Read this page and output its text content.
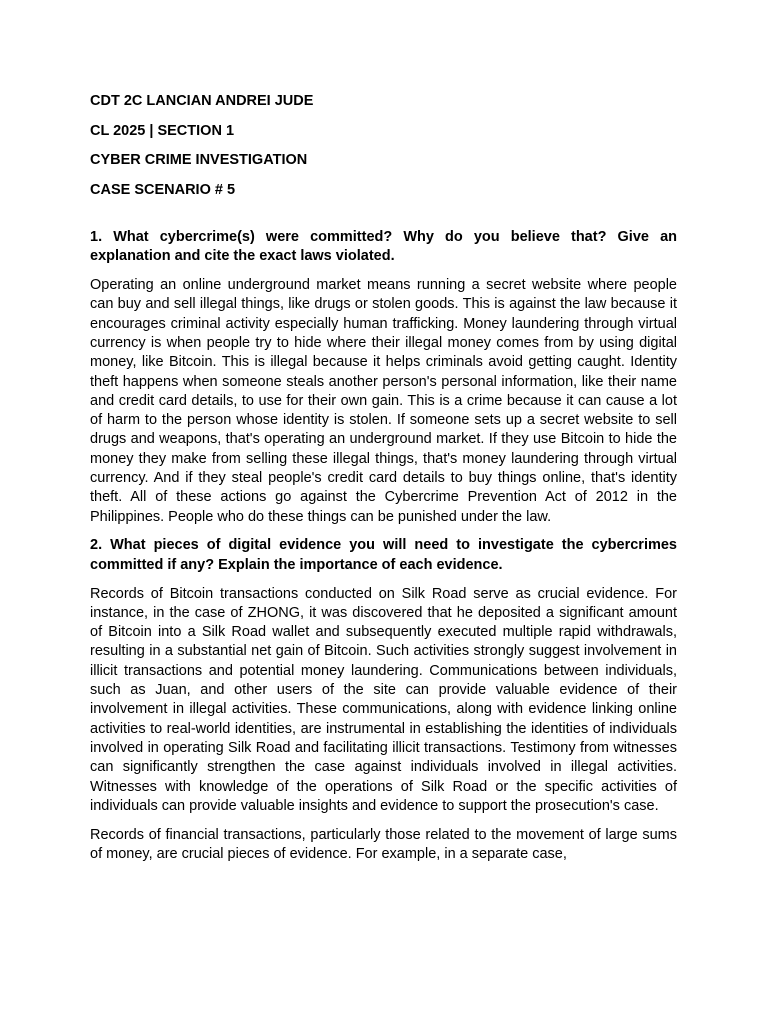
CDT 2C LANCIAN ANDREI JUDE
CL 2025 | SECTION 1
CYBER CRIME INVESTIGATION
CASE SCENARIO # 5

1. What cybercrime(s) were committed? Why do you believe that? Give an explanation and cite the exact laws violated.

Operating an online underground market means running a secret website where people can buy and sell illegal things, like drugs or stolen goods. This is against the law because it encourages criminal activity especially human trafficking. Money laundering through virtual currency is when people try to hide where their illegal money comes from by using digital money, like Bitcoin. This is illegal because it helps criminals avoid getting caught. Identity theft happens when someone steals another person's personal information, like their name and credit card details, to use for their own gain. This is a crime because it can cause a lot of harm to the person whose identity is stolen. If someone sets up a secret website to sell drugs and weapons, that's operating an underground market. If they use Bitcoin to hide the money they make from selling these illegal things, that's money laundering through virtual currency. And if they steal people's credit card details to buy things online, that's identity theft. All of these actions go against the Cybercrime Prevention Act of 2012 in the Philippines. People who do these things can be punished under the law.

2. What pieces of digital evidence you will need to investigate the cybercrimes committed if any? Explain the importance of each evidence.

Records of Bitcoin transactions conducted on Silk Road serve as crucial evidence. For instance, in the case of ZHONG, it was discovered that he deposited a significant amount of Bitcoin into a Silk Road wallet and subsequently executed multiple rapid withdrawals, resulting in a substantial net gain of Bitcoin. Such activities strongly suggest involvement in illicit transactions and potential money laundering. Communications between individuals, such as Juan, and other users of the site can provide valuable evidence of their involvement in illegal activities. These communications, along with evidence linking online activities to real-world identities, are instrumental in establishing the identities of individuals involved in operating Silk Road and facilitating illicit transactions. Testimony from witnesses can significantly strengthen the case against individuals involved in illegal activities. Witnesses with knowledge of the operations of Silk Road or the specific activities of individuals can provide valuable insights and evidence to support the prosecution's case.

Records of financial transactions, particularly those related to the movement of large sums of money, are crucial pieces of evidence. For example, in a separate case,
